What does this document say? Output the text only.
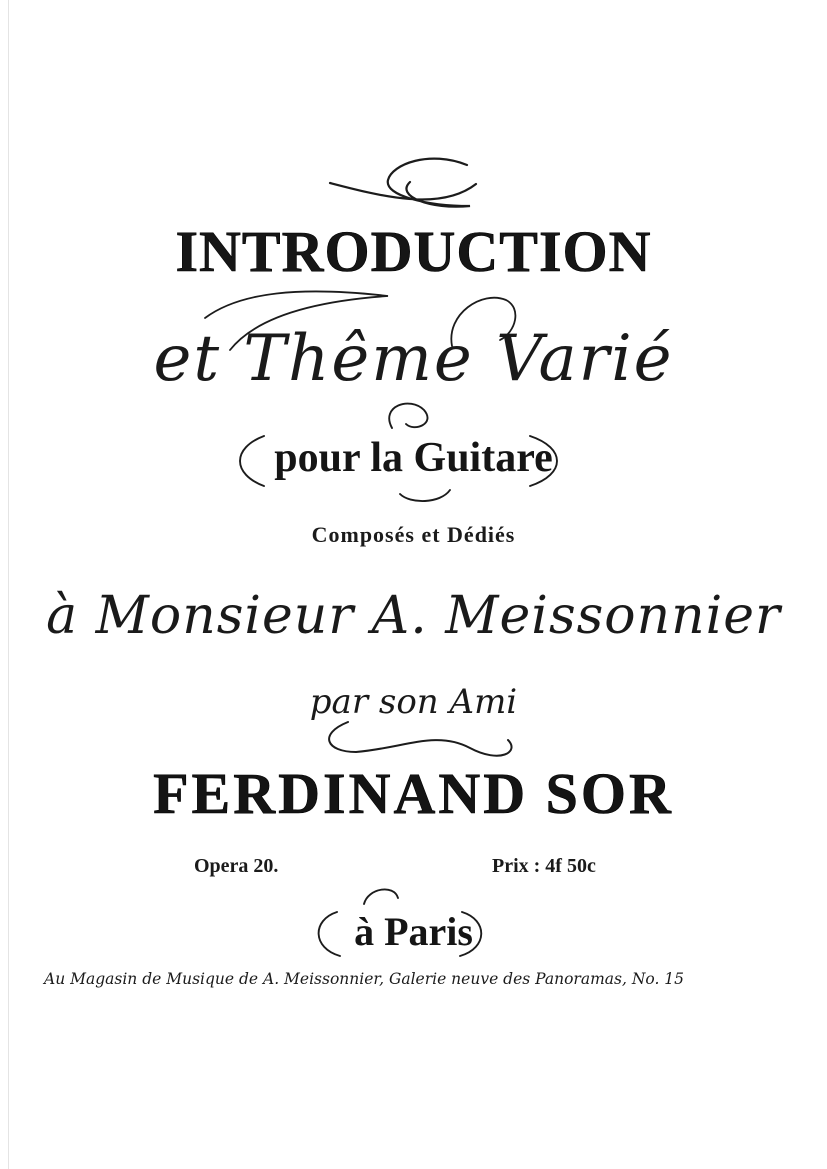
INTRODUCTION
et Thême Varié
pour la Guitare
Composés et Dédiés
à Monsieur A. Meissonnier
par son Ami
FERDINAND SOR
Opera 20.	Prix : 4f 50c
à Paris
Au Magasin de Musique de A. Meissonnier, Galerie neuve des Panoramas, No. 15
